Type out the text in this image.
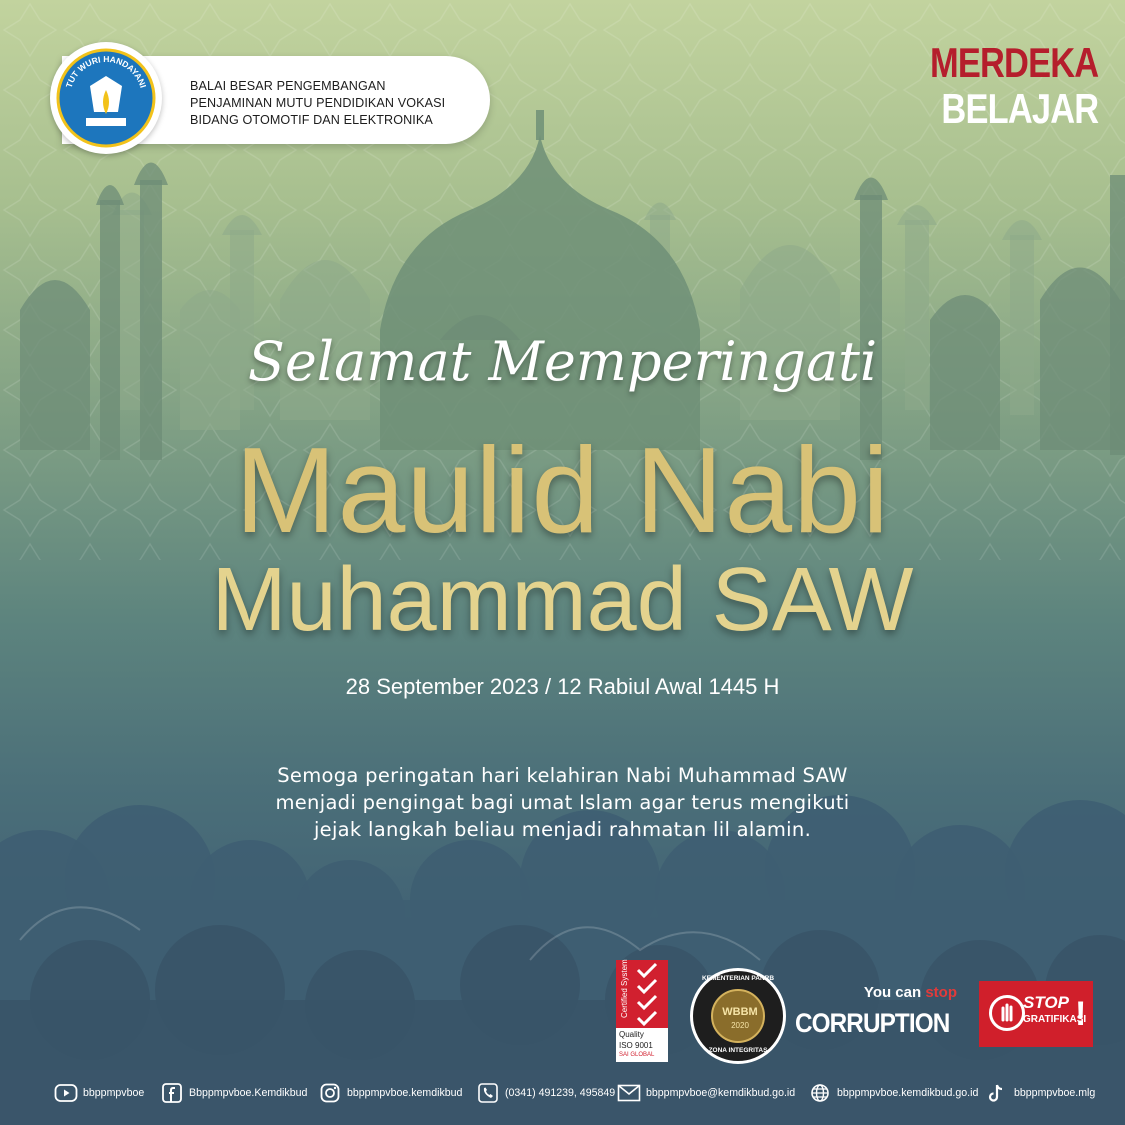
TUT WURI HANDAYANI	BALAI BESAR PENGEMBANGAN
PENJAMINAN MUTU PENDIDIKAN VOKASI
BIDANG OTOMOTIF DAN ELEKTRONIKA
MERDEKA
BELAJAR
Selamat Memperingati
Maulid Nabi
Muhammad SAW
28 September 2023 / 12 Rabiul Awal 1445 H
Semoga peringatan hari kelahiran Nabi Muhammad SAW
menjadi pengingat bagi umat Islam agar terus mengikuti
jejak langkah beliau menjadi rahmatan lil alamin.
Certified System
Quality
ISO 9001
SAI GLOBAL
KEMENTERIAN PANRB
WBBM
2020
ZONA INTEGRITAS
You can stop
CORRUPTION
STOP
GRATIFIKASI
!
bbppmpvboe	Bbppmpvboe.Kemdikbud	bbppmpvboe.kemdikbud	(0341) 491239, 495849	bbppmpvboe@kemdikbud.go.id	bbppmpvboe.kemdikbud.go.id	bbppmpvboe.mlg
